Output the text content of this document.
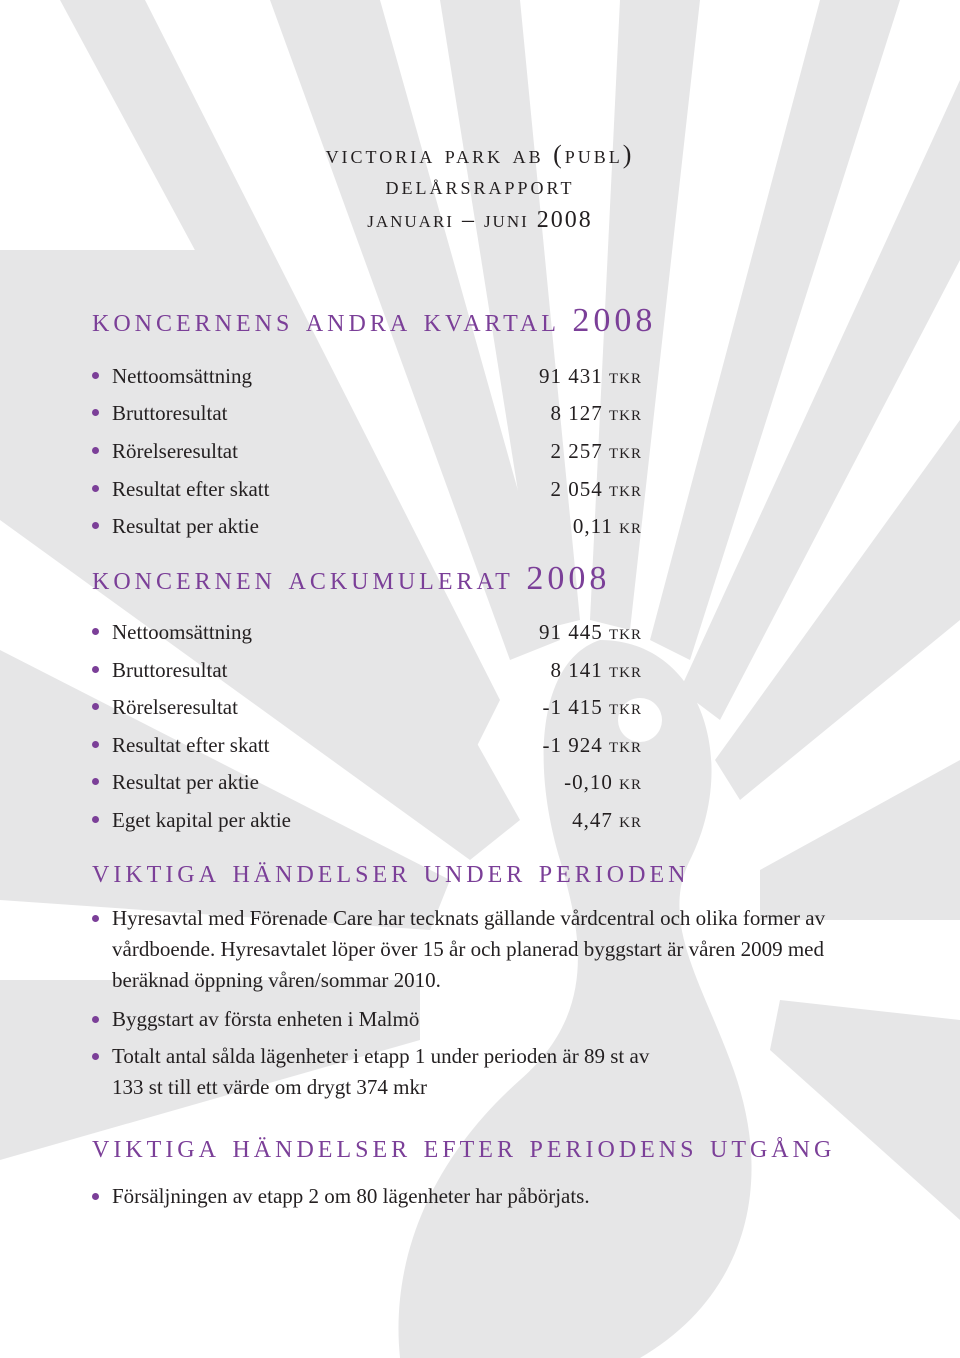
victoria park ab (publ)
delårsrapport
januari – juni 2008
koncernens andra kvartal 2008
Nettoomsättning	91 431 tkr
Bruttoresultat	8 127 tkr
Rörelseresultat	2 257 tkr
Resultat efter skatt	2 054 tkr
Resultat per aktie	0,11 kr
koncernen ackumulerat 2008
Nettoomsättning	91 445 tkr
Bruttoresultat	8 141 tkr
Rörelseresultat	-1 415 tkr
Resultat efter skatt	-1 924 tkr
Resultat per aktie	-0,10 kr
Eget kapital per aktie	4,47 kr
viktiga händelser under perioden
Hyresavtal med Förenade Care har tecknats gällande vårdcentral och olika former av vårdboende. Hyresavtalet löper över 15 år och planerad byggstart är våren 2009 med beräknad öppning våren/sommar 2010.
Byggstart av första enheten i Malmö
Totalt antal sålda lägenheter i etapp 1 under perioden är 89 st av 133 st till ett värde om drygt 374 mkr
viktiga händelser efter periodens utgång
Försäljningen av etapp 2 om 80 lägenheter har påbörjats.
